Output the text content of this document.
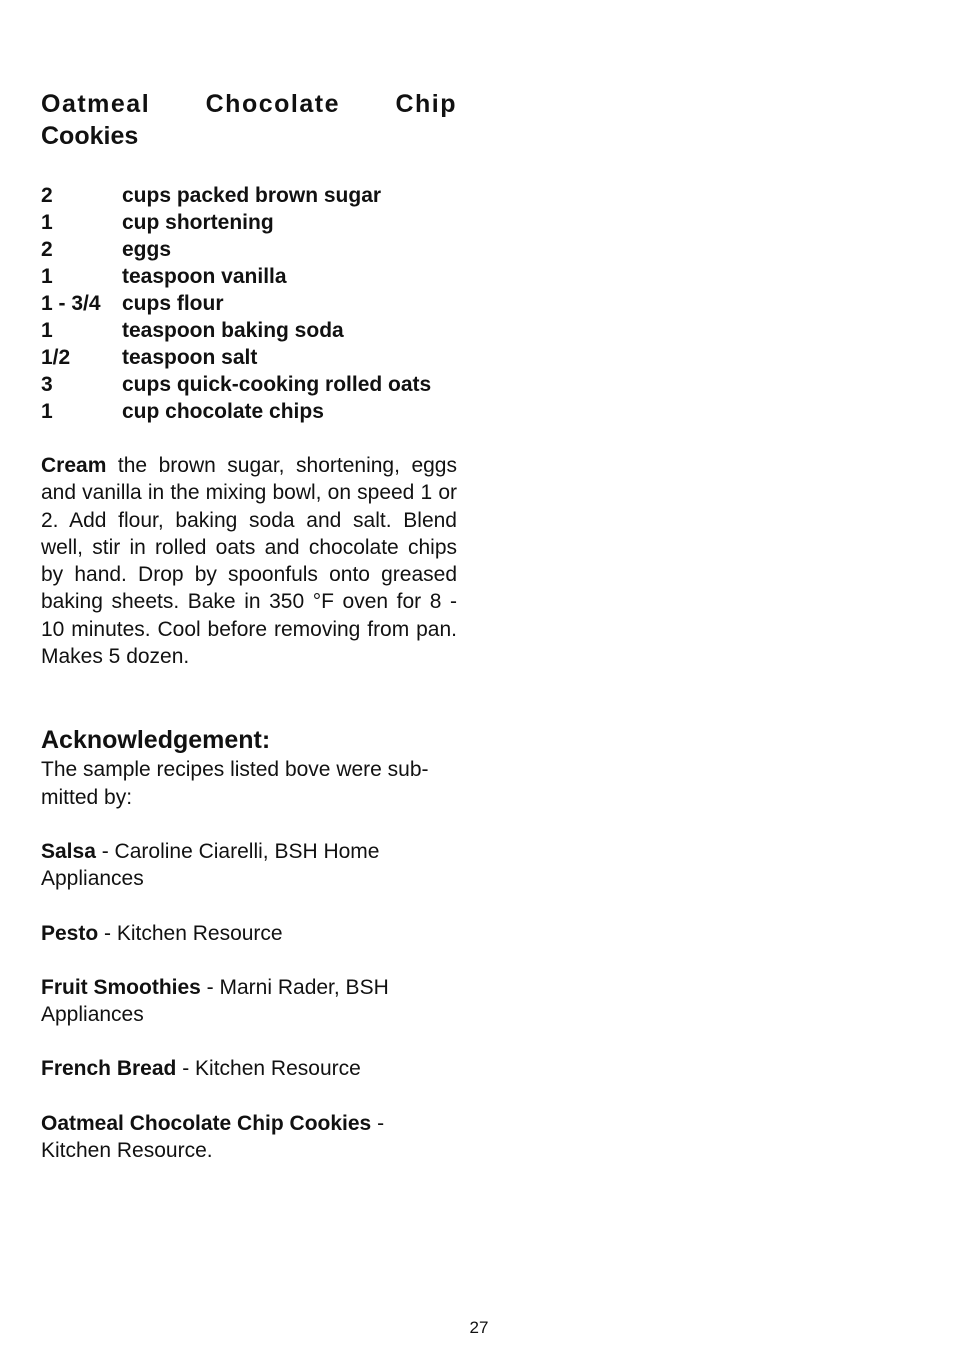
Oatmeal Chocolate Chip
Cookies
2	cups packed brown sugar
1	cup shortening
2	eggs
1	teaspoon vanilla
1 - 3/4	cups flour
1	teaspoon baking soda
1/2	teaspoon salt
3	cups quick-cooking rolled oats
1	cup chocolate chips

Cream the brown sugar, shortening, eggs and vanilla in the mixing bowl, on speed 1 or 2. Add flour, baking soda and salt. Blend well, stir in rolled oats and chocolate chips by hand. Drop by spoonfuls onto greased baking sheets. Bake in 350 °F oven for 8 - 10 minutes. Cool before removing from pan. Makes 5 dozen.

Acknowledgement:

The sample recipes listed bove were sub-
mitted by:

Salsa - Caroline Ciarelli, BSH Home
Appliances

Pesto - Kitchen Resource

Fruit Smoothies - Marni Rader, BSH
Appliances

French Bread - Kitchen Resource

Oatmeal Chocolate Chip Cookies -
Kitchen Resource.

27
